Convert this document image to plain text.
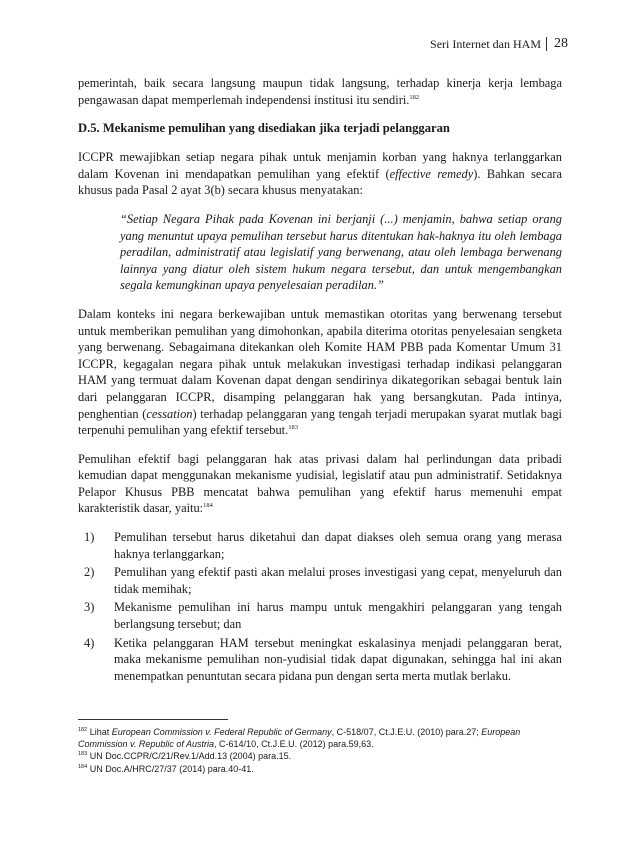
Seri Internet dan HAM 28

pemerintah, baik secara langsung maupun tidak langsung, terhadap kinerja kerja lembaga pengawasan dapat memperlemah independensi institusi itu sendiri.$^{182}$

D.5. Mekanisme pemulihan yang disediakan jika terjadi pelanggaran

ICCPR mewajibkan setiap negara pihak untuk menjamin korban yang haknya terlanggarkan dalam Kovenan ini mendapatkan pemulihan yang efektif (effective remedy). Bahkan secara khusus pada Pasal 2 ayat 3(b) secara khusus menyatakan:

“Setiap Negara Pihak pada Kovenan ini berjanji (...) menjamin, bahwa setiap orang yang menuntut upaya pemulihan tersebut harus ditentukan hak-haknya itu oleh lembaga peradilan, administratif atau legislatif yang berwenang, atau oleh lembaga berwenang lainnya yang diatur oleh sistem hukum negara tersebut, dan untuk mengembangkan segala kemungkinan upaya penyelesaian peradilan.”

Dalam konteks ini negara berkewajiban untuk memastikan otoritas yang berwenang tersebut untuk memberikan pemulihan yang dimohonkan, apabila diterima otoritas penyelesaian sengketa yang berwenang. Sebagaimana ditekankan oleh Komite HAM PBB pada Komentar Umum 31 ICCPR, kegagalan negara pihak untuk melakukan investigasi terhadap indikasi pelanggaran HAM yang termuat dalam Kovenan dapat dengan sendirinya dikategorikan sebagai bentuk lain dari pelanggaran ICCPR, disamping pelanggaran hak yang bersangkutan. Pada intinya, penghentian (cessation) terhadap pelanggaran yang tengah terjadi merupakan syarat mutlak bagi terpenuhi pemulihan yang efektif tersebut.$^{183}$

Pemulihan efektif bagi pelanggaran hak atas privasi dalam hal perlindungan data pribadi kemudian dapat menggunakan mekanisme yudisial, legislatif atau pun administratif. Setidaknya Pelapor Khusus PBB mencatat bahwa pemulihan yang efektif harus memenuhi empat karakteristik dasar, yaitu:$^{184}$

1)	Pemulihan tersebut harus diketahui dan dapat diakses oleh semua orang yang merasa haknya terlanggarkan;
2)	Pemulihan yang efektif pasti akan melalui proses investigasi yang cepat, menyeluruh dan tidak memihak;
3)	Mekanisme pemulihan ini harus mampu untuk mengakhiri pelanggaran yang tengah berlangsung tersebut; dan
4)	Ketika pelanggaran HAM tersebut meningkat eskalasinya menjadi pelanggaran berat, maka mekanisme pemulihan non-yudisial tidak dapat digunakan, sehingga hal ini akan menempatkan penuntutan secara pidana pun dengan serta merta mutlak berlaku.
$^{182}$ Lihat European Commission v. Federal Republic of Germany, C-518/07, Ct.J.E.U. (2010) para.27; European Commission v. Republic of Austria, C-614/10, Ct.J.E.U. (2012) para.59,63.
$^{183}$ UN Doc.CCPR/C/21/Rev.1/Add.13 (2004) para.15.
$^{184}$ UN Doc.A/HRC/27/37 (2014) para.40-41.
